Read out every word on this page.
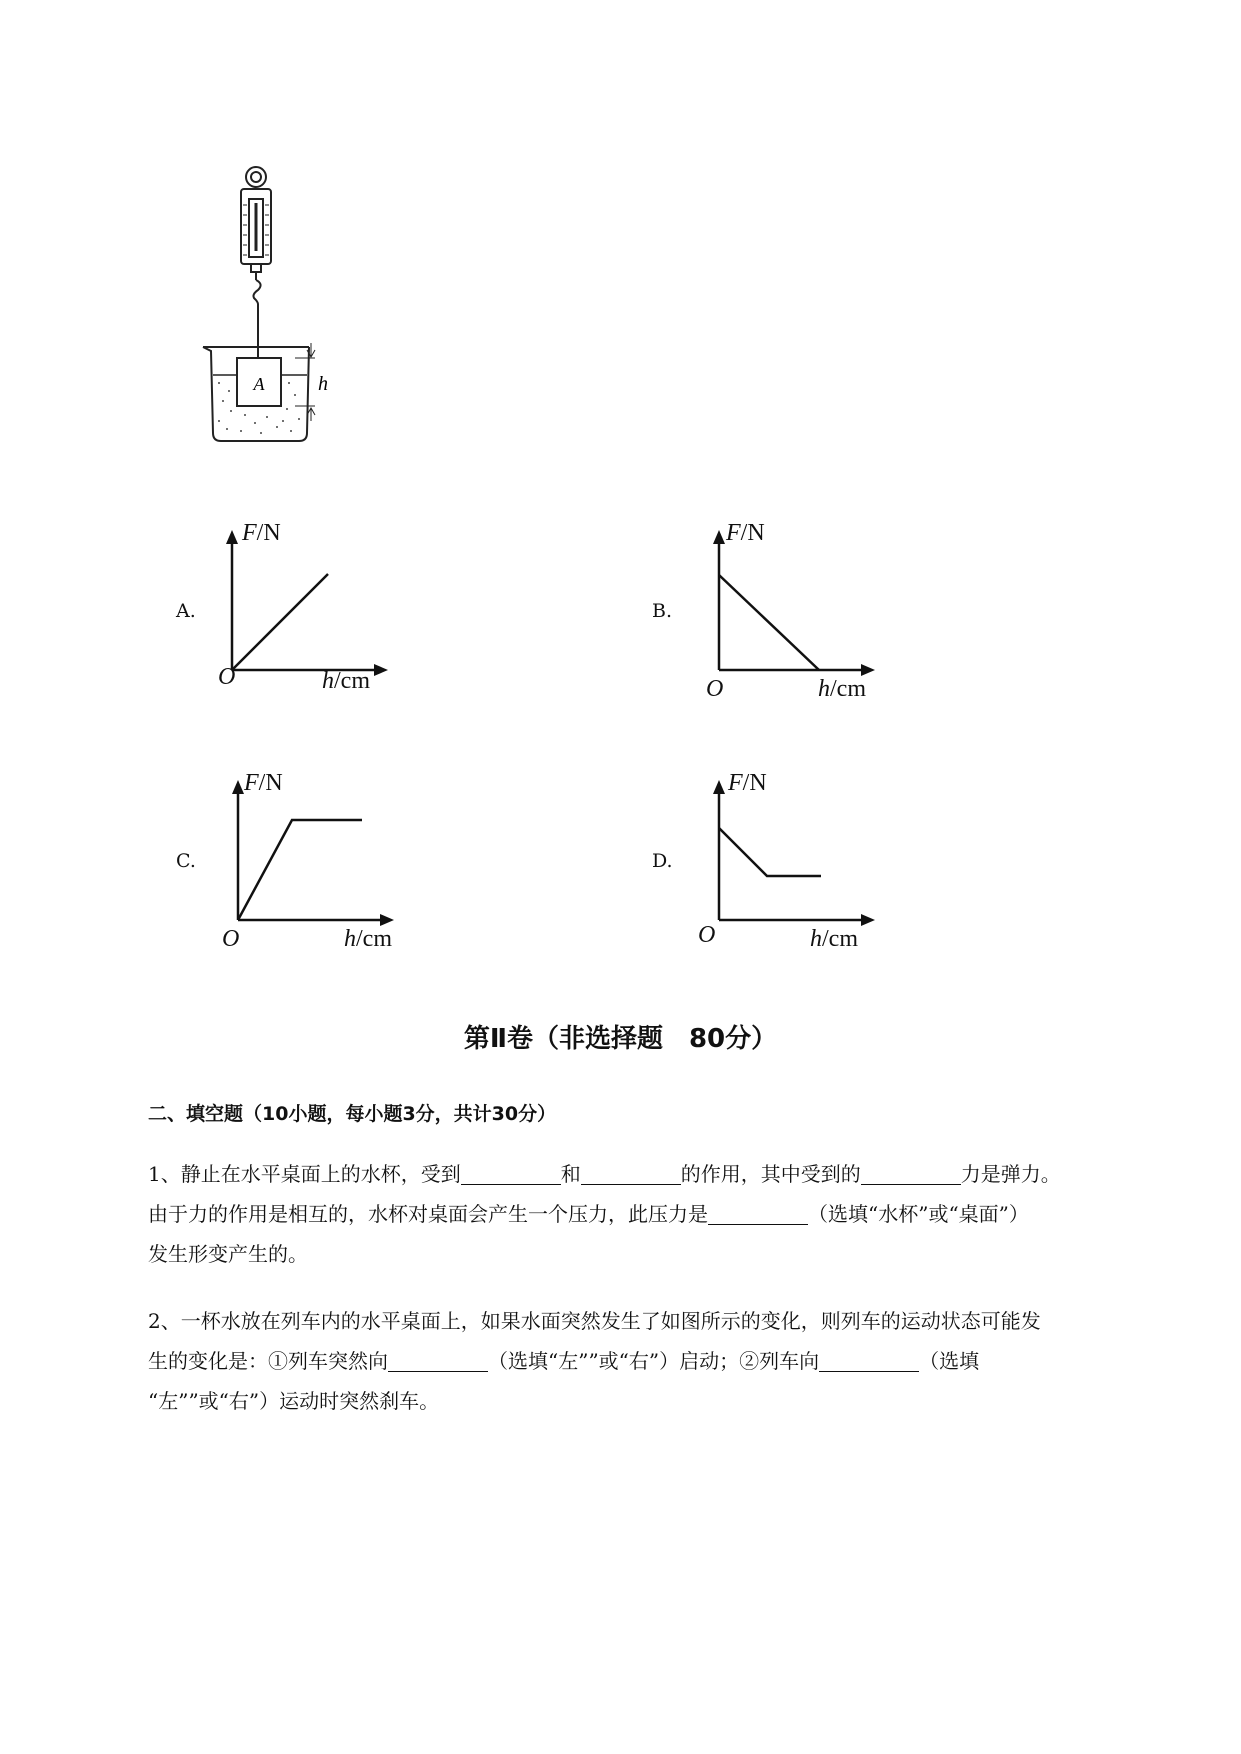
A	h
A.
F/N
O	h/cm
B.
F/N
O	h/cm
C.
F/N
O	h/cm
D.
F/N
O	h/cm
第Ⅱ卷（非选择题　80分）
二、填空题（10小题，每小题3分，共计30分）
1、静止在水平桌面上的水杯，受到	和	的作用，其中受到的	力是弹力。
由于力的作用是相互的，水杯对桌面会产生一个压力，此压力是	（选填“水杯”或“桌面”）
发生形变产生的。
2、一杯水放在列车内的水平桌面上，如果水面突然发生了如图所示的变化，则列车的运动状态可能发
生的变化是：①列车突然向	（选填“左””或“右”）启动；②列车向	（选填
“左””或“右”）运动时突然刹车。
